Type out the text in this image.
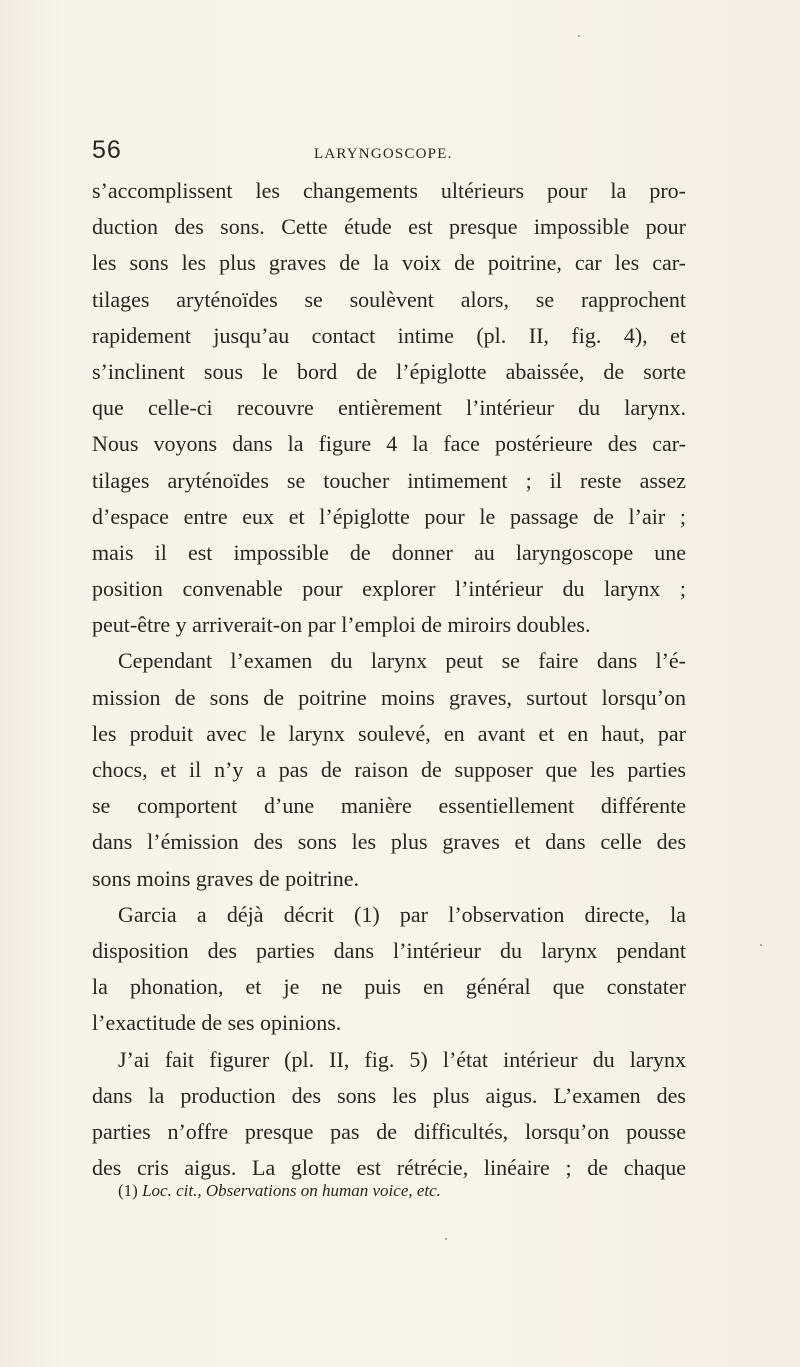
56	LARYNGOSCOPE.
s’accomplissent les changements ultérieurs pour la pro-
duction des sons. Cette étude est presque impossible pour
les sons les plus graves de la voix de poitrine, car les car-
tilages aryténoïdes se soulèvent alors, se rapprochent
rapidement jusqu’au contact intime (pl. II, fig. 4), et
s’inclinent sous le bord de l’épiglotte abaissée, de sorte
que celle-ci recouvre entièrement l’intérieur du larynx.
Nous voyons dans la figure 4 la face postérieure des car-
tilages aryténoïdes se toucher intimement ; il reste assez
d’espace entre eux et l’épiglotte pour le passage de l’air ;
mais il est impossible de donner au laryngoscope une
position convenable pour explorer l’intérieur du larynx ;
peut-être y arriverait-on par l’emploi de miroirs doubles.
Cependant l’examen du larynx peut se faire dans l’é-
mission de sons de poitrine moins graves, surtout lorsqu’on
les produit avec le larynx soulevé, en avant et en haut, par
chocs, et il n’y a pas de raison de supposer que les parties
se comportent d’une manière essentiellement différente
dans l’émission des sons les plus graves et dans celle des
sons moins graves de poitrine.
Garcia a déjà décrit (1) par l’observation directe, la
disposition des parties dans l’intérieur du larynx pendant
la phonation, et je ne puis en général que constater
l’exactitude de ses opinions.
J’ai fait figurer (pl. II, fig. 5) l’état intérieur du larynx
dans la production des sons les plus aigus. L’examen des
parties n’offre presque pas de difficultés, lorsqu’on pousse
des cris aigus. La glotte est rétrécie, linéaire ; de chaque
(1) Loc. cit., Observations on human voice, etc.
